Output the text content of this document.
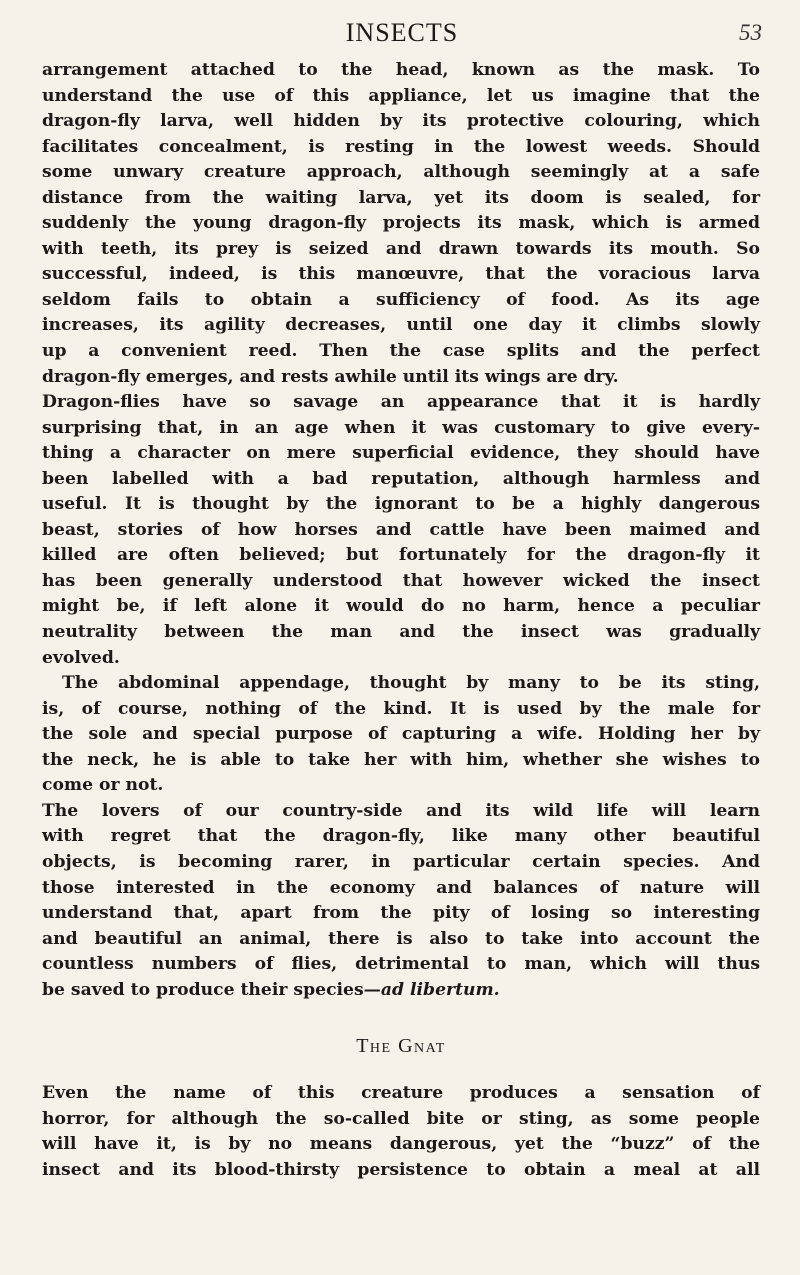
INSECTS	53
arrangement attached to the head, known as the mask. To
understand the use of this appliance, let us imagine that the
dragon-fly larva, well hidden by its protective colouring, which
facilitates concealment, is resting in the lowest weeds. Should
some unwary creature approach, although seemingly at a safe
distance from the waiting larva, yet its doom is sealed, for
suddenly the young dragon-fly projects its mask, which is armed
with teeth, its prey is seized and drawn towards its mouth. So
successful, indeed, is this manœuvre, that the voracious larva
seldom fails to obtain a sufficiency of food. As its age
increases, its agility decreases, until one day it climbs slowly
up a convenient reed. Then the case splits and the perfect
dragon-fly emerges, and rests awhile until its wings are dry.
Dragon-flies have so savage an appearance that it is hardly
surprising that, in an age when it was customary to give every-
thing a character on mere superficial evidence, they should have
been labelled with a bad reputation, although harmless and
useful. It is thought by the ignorant to be a highly dangerous
beast, stories of how horses and cattle have been maimed and
killed are often believed; but fortunately for the dragon-fly it
has been generally understood that however wicked the insect
might be, if left alone it would do no harm, hence a peculiar
neutrality between the man and the insect was gradually
evolved.
The abdominal appendage, thought by many to be its sting,
is, of course, nothing of the kind. It is used by the male for
the sole and special purpose of capturing a wife. Holding her by
the neck, he is able to take her with him, whether she wishes to
come or not.
The lovers of our country-side and its wild life will learn
with regret that the dragon-fly, like many other beautiful
objects, is becoming rarer, in particular certain species. And
those interested in the economy and balances of nature will
understand that, apart from the pity of losing so interesting
and beautiful an animal, there is also to take into account the
countless numbers of flies, detrimental to man, which will thus
be saved to produce their species—ad libertum.
The Gnat
Even the name of this creature produces a sensation of
horror, for although the so-called bite or sting, as some people
will have it, is by no means dangerous, yet the “buzz” of the
insect and its blood-thirsty persistence to obtain a meal at all
